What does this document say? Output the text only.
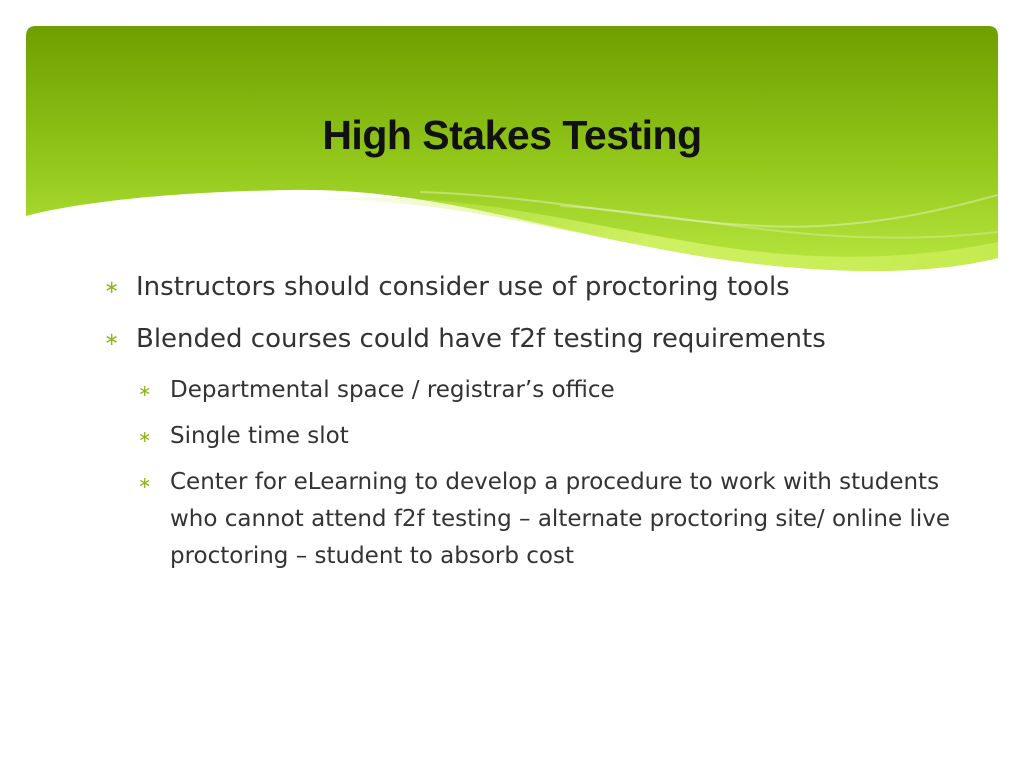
High Stakes Testing
∗ Instructors should consider use of proctoring tools
∗ Blended courses could have f2f testing requirements
∗ Departmental space / registrar’s office
∗ Single time slot
∗ Center for eLearning to develop a procedure to work with students who cannot attend f2f testing – alternate proctoring site/ online live proctoring – student to absorb cost
